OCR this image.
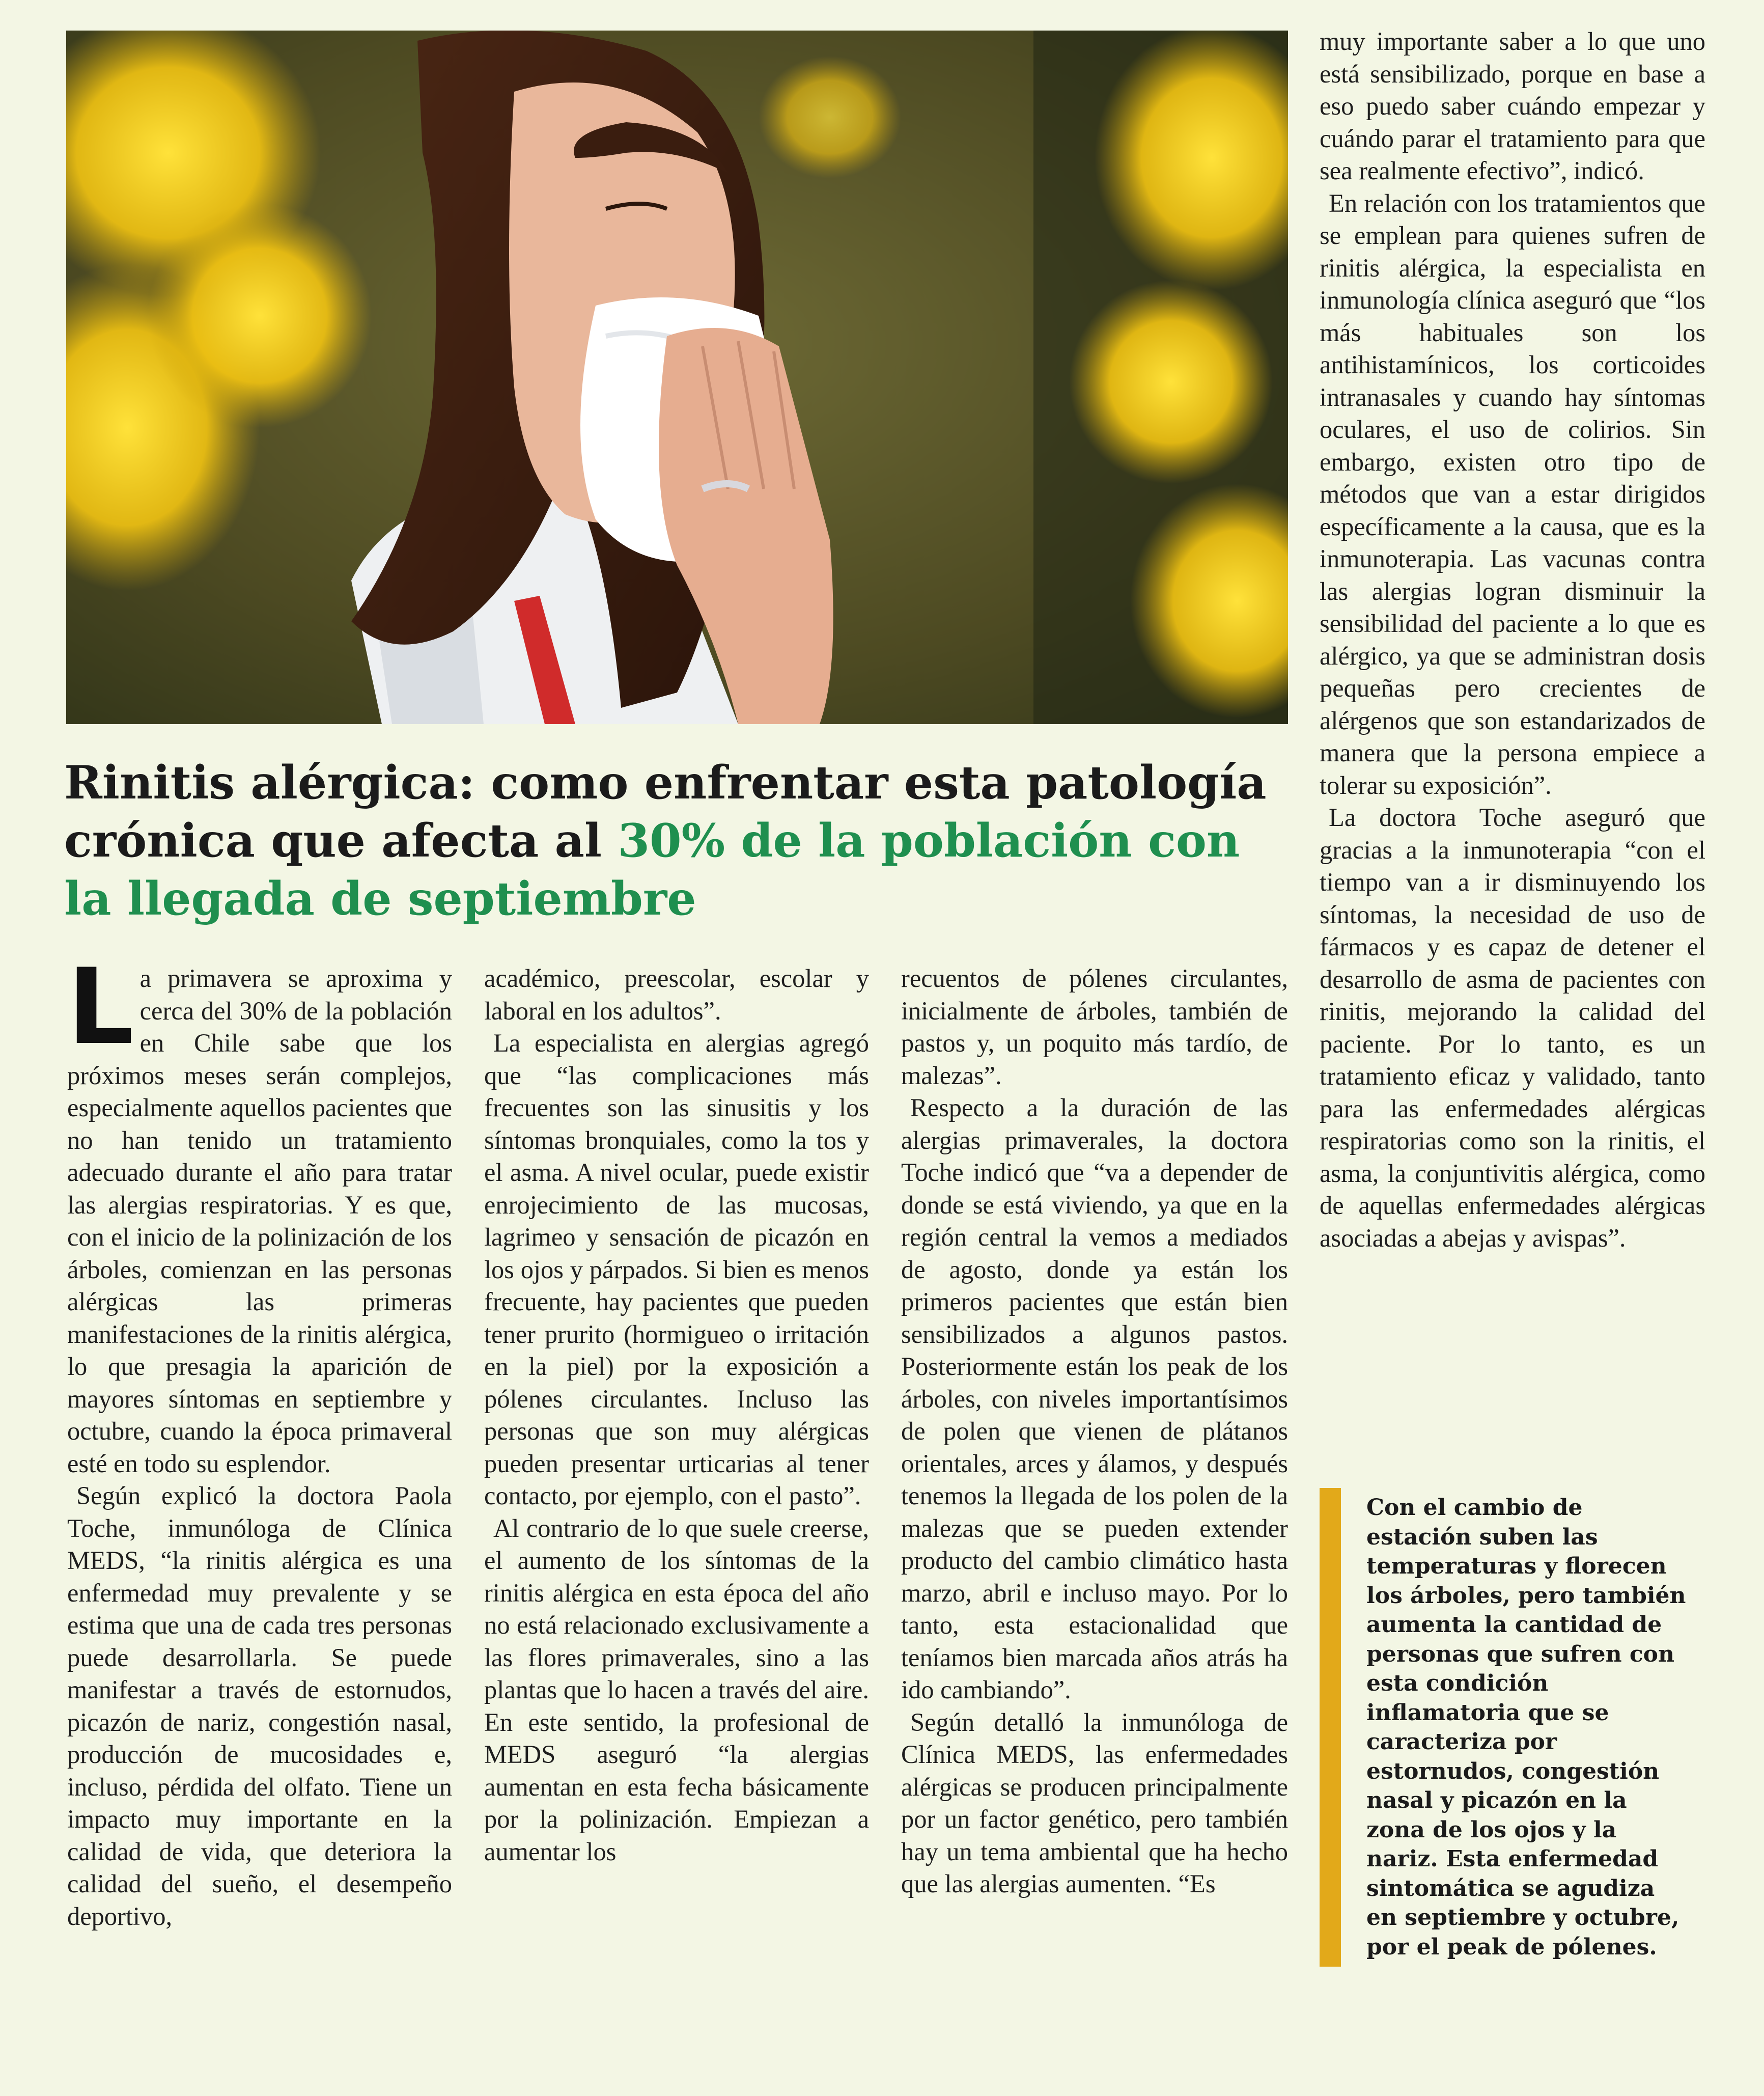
Rinitis alérgica: como enfrentar esta patología crónica que afecta al 30% de la población con la llegada de septiembre

La primavera se aproxima y cerca del 30% de la población en Chile sabe que los próximos meses serán complejos, especialmente aquellos pacientes que no han tenido un tratamiento adecuado durante el año para tratar las alergias respiratorias. Y es que, con el inicio de la polinización de los árboles, comienzan en las personas alérgicas las primeras manifestaciones de la rinitis alérgica, lo que presagia la aparición de mayores síntomas en septiembre y octubre, cuando la época primaveral esté en todo su esplendor.

Según explicó la doctora Paola Toche, inmunóloga de Clínica MEDS, “la rinitis alérgica es una enfermedad muy prevalente y se estima que una de cada tres personas puede desarrollarla. Se puede manifestar a través de estornudos, picazón de nariz, congestión nasal, producción de mucosidades e, incluso, pérdida del olfato. Tiene un impacto muy importante en la calidad de vida, que deteriora la calidad del sueño, el desempeño deportivo,

académico, preescolar, escolar y laboral en los adultos”.

La especialista en alergias agregó que “las complicaciones más frecuentes son las sinusitis y los síntomas bronquiales, como la tos y el asma. A nivel ocular, puede existir enrojecimiento de las mucosas, lagrimeo y sensación de picazón en los ojos y párpados. Si bien es menos frecuente, hay pacientes que pueden tener prurito (hormigueo o irritación en la piel) por la exposición a pólenes circulantes. Incluso las personas que son muy alérgicas pueden presentar urticarias al tener contacto, por ejemplo, con el pasto”.

Al contrario de lo que suele creerse, el aumento de los síntomas de la rinitis alérgica en esta época del año no está relacionado exclusivamente a las flores primaverales, sino a las plantas que lo hacen a través del aire. En este sentido, la profesional de MEDS aseguró “la alergias aumentan en esta fecha básicamente por la polinización. Empiezan a aumentar los

recuentos de pólenes circulantes, inicialmente de árboles, también de pastos y, un poquito más tardío, de malezas”.

Respecto a la duración de las alergias primaverales, la doctora Toche indicó que “va a depender de donde se está viviendo, ya que en la región central la vemos a mediados de agosto, donde ya están los primeros pacientes que están bien sensibilizados a algunos pastos. Posteriormente están los peak de los árboles, con niveles importantísimos de polen que vienen de plátanos orientales, arces y álamos, y después tenemos la llegada de los polen de la malezas que se pueden extender producto del cambio climático hasta marzo, abril e incluso mayo. Por lo tanto, esta estacionalidad que teníamos bien marcada años atrás ha ido cambiando”.

Según detalló la inmunóloga de Clínica MEDS, las enfermedades alérgicas se producen principalmente por un factor genético, pero también hay un tema ambiental que ha hecho que las alergias aumenten. “Es

muy importante saber a lo que uno está sensibilizado, porque en base a eso puedo saber cuándo empezar y cuándo parar el tratamiento para que sea realmente efectivo”, indicó.

En relación con los tratamientos que se emplean para quienes sufren de rinitis alérgica, la especialista en inmunología clínica aseguró que “los más habituales son los antihistamínicos, los corticoides intranasales y cuando hay síntomas oculares, el uso de colirios. Sin embargo, existen otro tipo de métodos que van a estar dirigidos específicamente a la causa, que es la inmunoterapia. Las vacunas contra las alergias logran disminuir la sensibilidad del paciente a lo que es alérgico, ya que se administran dosis pequeñas pero crecientes de alérgenos que son estandarizados de manera que la persona empiece a tolerar su exposición”.

La doctora Toche aseguró que gracias a la inmunoterapia “con el tiempo van a ir disminuyendo los síntomas, la necesidad de uso de fármacos y es capaz de detener el desarrollo de asma de pacientes con rinitis, mejorando la calidad del paciente. Por lo tanto, es un tratamiento eficaz y validado, tanto para las enfermedades alérgicas respiratorias como son la rinitis, el asma, la conjuntivitis alérgica, como de aquellas enfermedades alérgicas asociadas a abejas y avispas”.

Con el cambio de estación suben las temperaturas y florecen los árboles, pero también aumenta la cantidad de personas que sufren con esta condición inflamatoria que se caracteriza por estornudos, congestión nasal y picazón en la zona de los ojos y la nariz. Esta enfermedad sintomática se agudiza en septiembre y octubre, por el peak de pólenes.
